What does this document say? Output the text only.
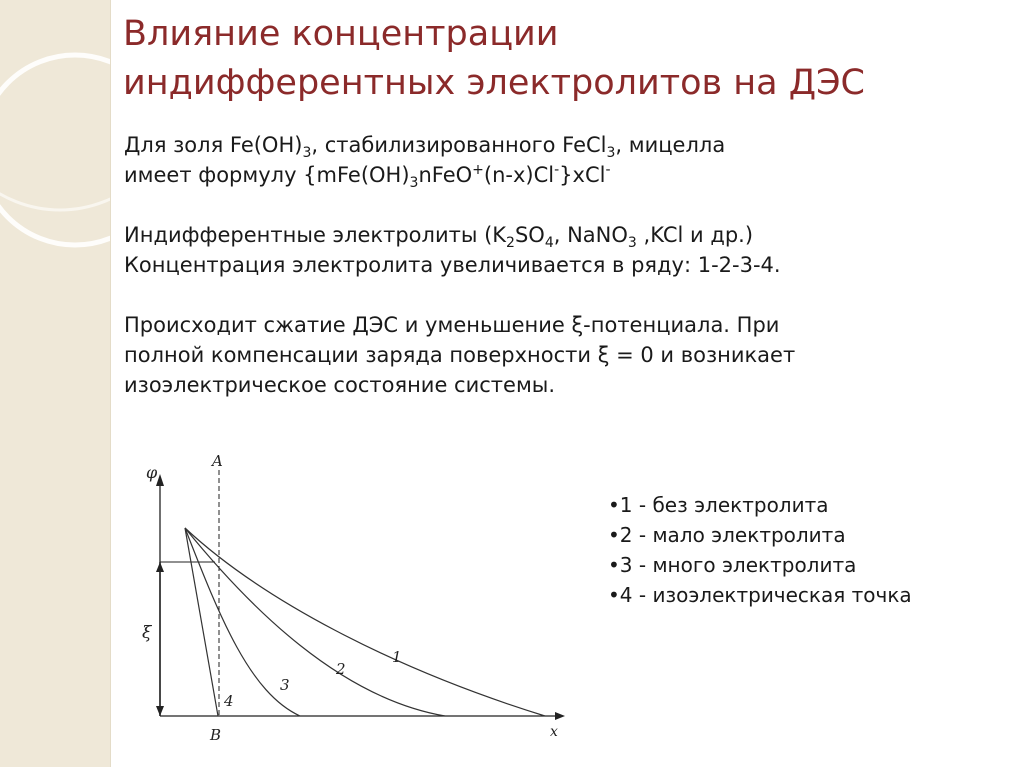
Влияние концентрации
индифферентных электролитов на ДЭС

Для золя $Fe(OH)_3$, стабилизированного FeCl$_3$, мицелла
имеет формулу $\{mFe(OH)_3nFeO^+(n-x)Cl^-\}xCl^-$

Индифферентные электролиты ($K_2SO_4$, NaNO$_3$ ,KCl и др.)
Концентрация электролита увеличивается в ряду: 1-2-3-4.

Происходит сжатие ДЭС и уменьшение ξ-потенциала. При
полной компенсации заряда поверхности ξ = 0 и возникает
изоэлектрическое состояние системы.

φ
A
B	x
ξ
1
2
3
4
•1 - без электролита
•2 - мало электролита
•3 - много электролита
•4 - изоэлектрическая точка
